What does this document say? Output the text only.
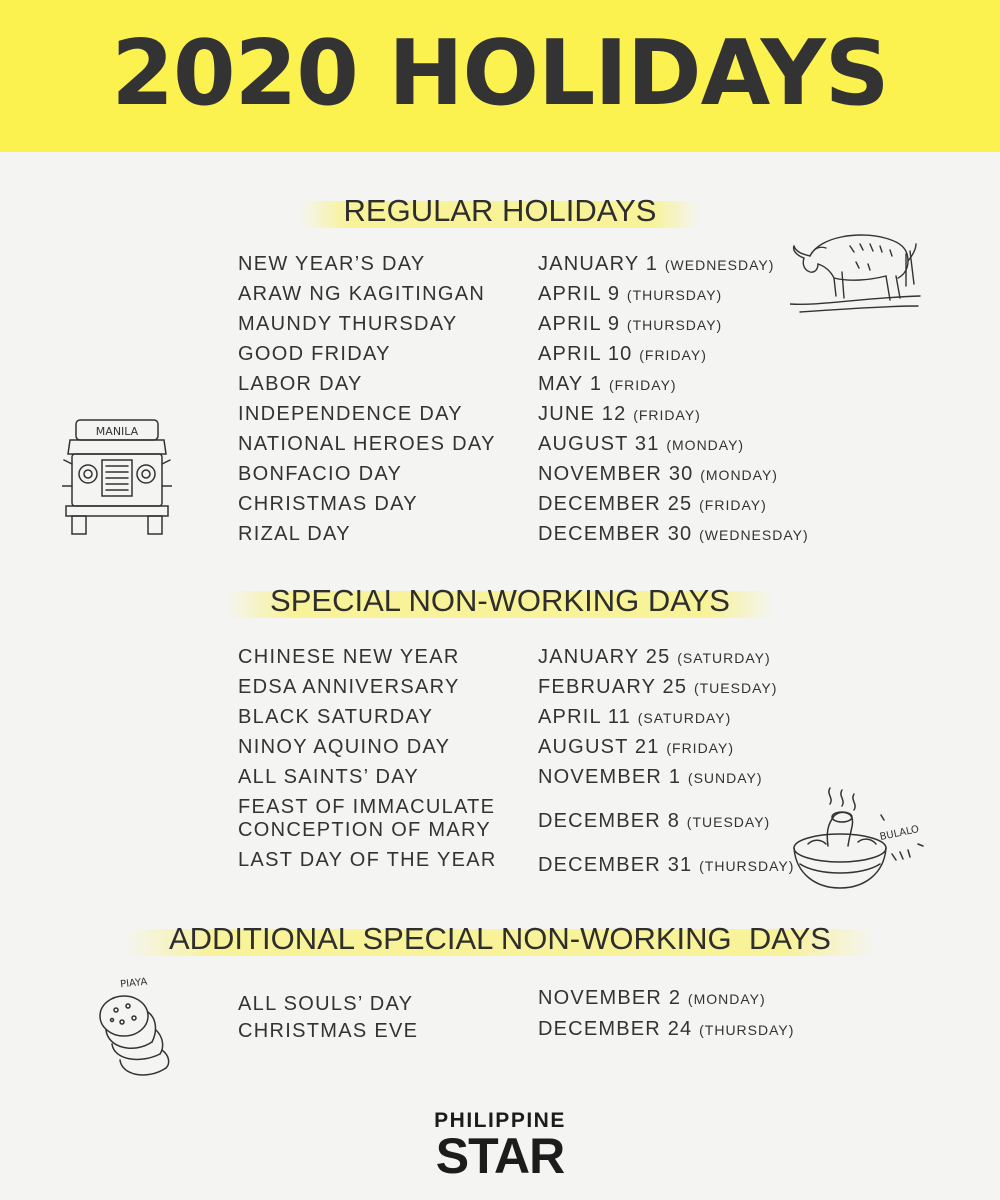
2020 HOLIDAYS
REGULAR HOLIDAYS
NEW YEAR’S DAY	JANUARY 1 (WEDNESDAY)
ARAW NG KAGITINGAN	APRIL 9 (THURSDAY)
MAUNDY THURSDAY	APRIL 9 (THURSDAY)
GOOD FRIDAY	APRIL 10 (FRIDAY)
LABOR DAY	MAY 1 (FRIDAY)
INDEPENDENCE DAY	JUNE 12 (FRIDAY)
NATIONAL HEROES DAY AUGUST 31 (MONDAY)
BONFACIO DAY	NOVEMBER 30 (MONDAY)
CHRISTMAS DAY	DECEMBER 25 (FRIDAY)
RIZAL DAY	DECEMBER 30 (WEDNESDAY)
SPECIAL NON-WORKING DAYS
CHINESE NEW YEAR	JANUARY 25 (SATURDAY)
EDSA ANNIVERSARY	FEBRUARY 25 (TUESDAY)
BLACK SATURDAY	APRIL 11 (SATURDAY)
NINOY AQUINO DAY	AUGUST 21 (FRIDAY)
ALL SAINTS’ DAY	NOVEMBER 1 (SUNDAY)
FEAST OF IMMACULATE
CONCEPTION OF MARY DECEMBER 8 (TUESDAY)
LAST DAY OF THE YEAR DECEMBER 31 (THURSDAY)
ADDITIONAL SPECIAL NON-WORKING  DAYS
ALL SOULS’ DAY	NOVEMBER 2 (MONDAY)
CHRISTMAS EVE	DECEMBER 24 (THURSDAY)
MANILA
BULALO
PIAYA
PHILIPPINE
STAR
